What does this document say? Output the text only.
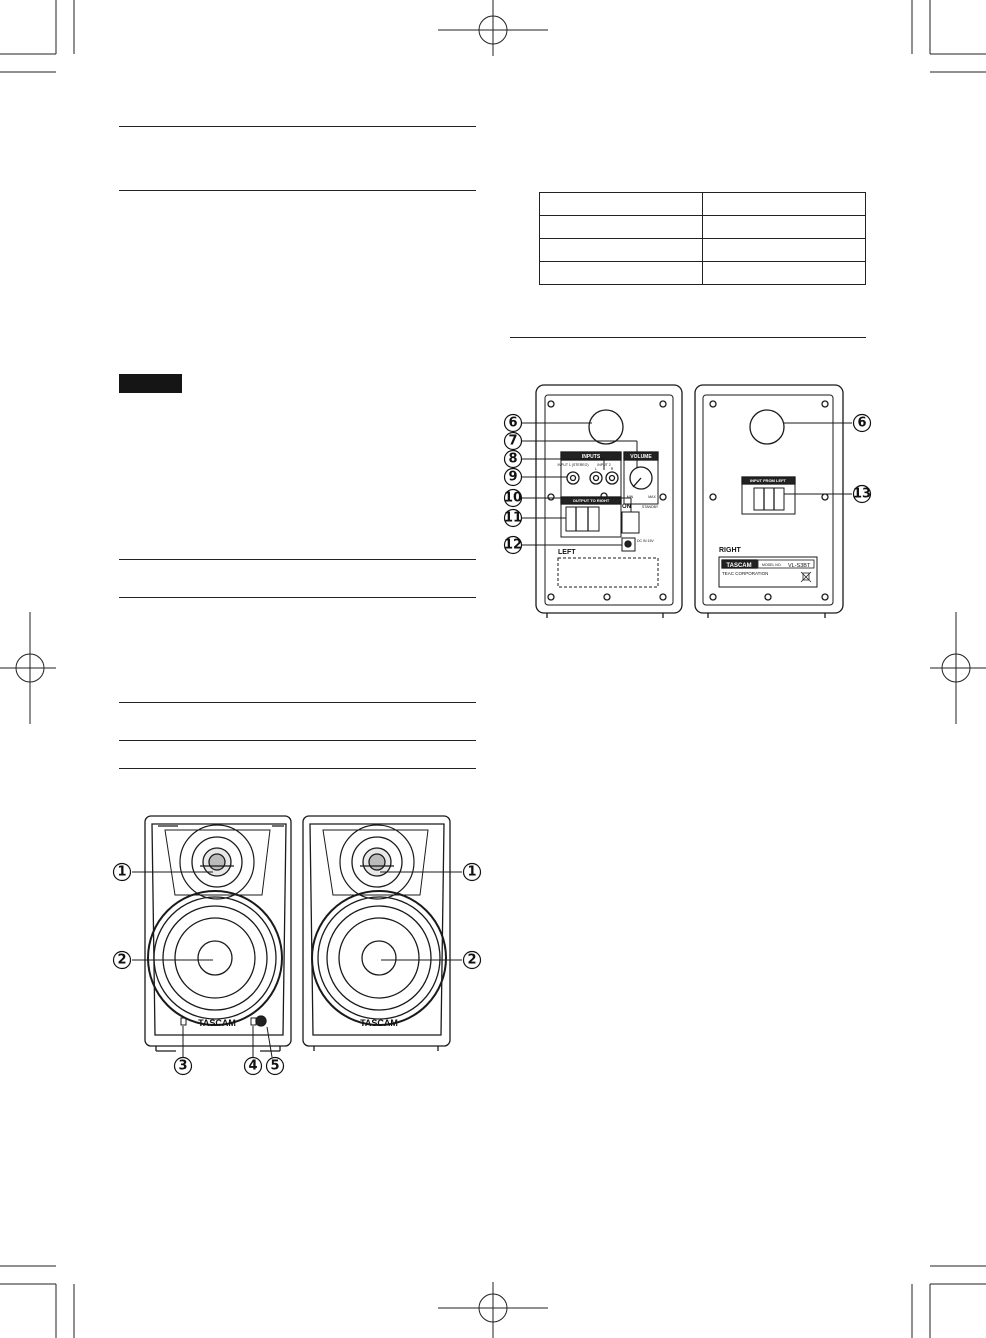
TASCAM	TASCAM
1
2
1
2
3	4 5
INPUTS
INPUT 1 (STEREO)	INPUT 2
L	R
VOLUME
MIN	MAX
OUTPUT TO RIGHT
ON	STANDBY
DC IN 15V
LEFT
INPUT FROM LEFT
RIGHT
TASCAM	MODEL NO. VL-S3BT
TEAC CORPORATION
6
7
8
9
10
11
12
6
13
